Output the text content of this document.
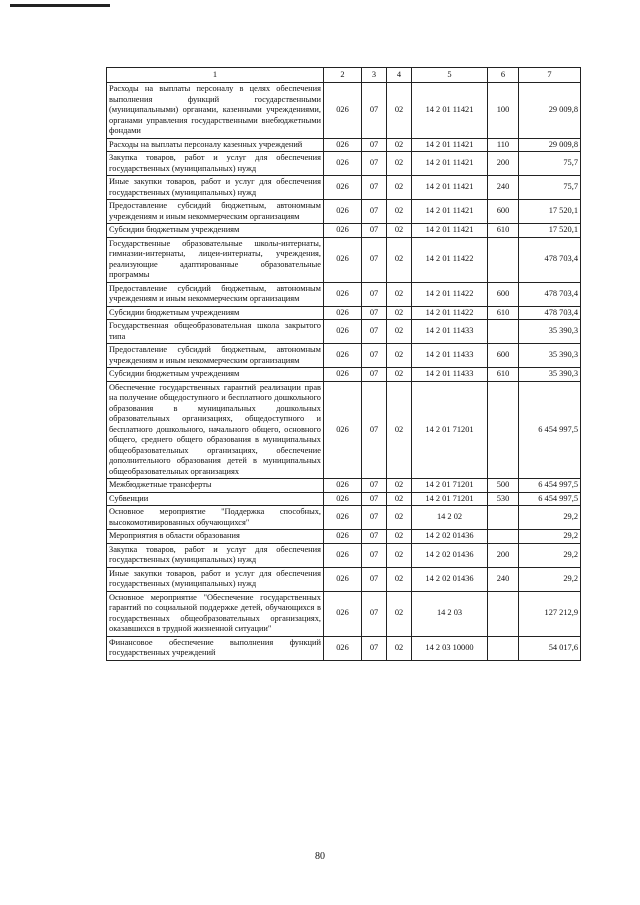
1	2	3	4	5	6	7
Расходы на выплаты персоналу в целях обеспечения выполнения функций государственными (муниципальными) органами, казенными учреждениями, органами управления государственными внебюджетными фондами	026	07	02	14 2 01 11421	100	29 009,8
Расходы на выплаты персоналу казенных учреждений	026	07	02	14 2 01 11421	110	29 009,8
Закупка товаров, работ и услуг для обеспечения государственных (муниципальных) нужд	026	07	02	14 2 01 11421	200	75,7
Иные закупки товаров, работ и услуг для обеспечения государственных (муниципальных) нужд	026	07	02	14 2 01 11421	240	75,7
Предоставление субсидий бюджетным, автономным учреждениям и иным некоммерческим организациям	026	07	02	14 2 01 11421	600	17 520,1
Субсидии бюджетным учреждениям	026	07	02	14 2 01 11421	610	17 520,1
Государственные образовательные школы-интернаты, гимназии-интернаты, лицеи-интернаты, учреждения, реализующие адаптированные образовательные программы	026	07	02	14 2 01 11422		478 703,4
Предоставление субсидий бюджетным, автономным учреждениям и иным некоммерческим организациям	026	07	02	14 2 01 11422	600	478 703,4
Субсидии бюджетным учреждениям	026	07	02	14 2 01 11422	610	478 703,4
Государственная общеобразовательная школа закрытого типа	026	07	02	14 2 01 11433		35 390,3
Предоставление субсидий бюджетным, автономным учреждениям и иным некоммерческим организациям	026	07	02	14 2 01 11433	600	35 390,3
Субсидии бюджетным учреждениям	026	07	02	14 2 01 11433	610	35 390,3
Обеспечение государственных гарантий реализации прав на получение общедоступного и бесплатного дошкольного образования в муниципальных дошкольных образовательных организациях, общедоступного и бесплатного дошкольного, начального общего, основного общего, среднего общего образования в муниципальных общеобразовательных организациях, обеспечение дополнительного образования детей в муниципальных общеобразовательных организациях	026	07	02	14 2 01 71201		6 454 997,5
Межбюджетные трансферты	026	07	02	14 2 01 71201	500	6 454 997,5
Субвенции	026	07	02	14 2 01 71201	530	6 454 997,5
Основное мероприятие "Поддержка способных, высокомотивированных обучающихся"	026	07	02	14 2 02		29,2
Мероприятия в области образования	026	07	02	14 2 02 01436		29,2
Закупка товаров, работ и услуг для обеспечения государственных (муниципальных) нужд	026	07	02	14 2 02 01436	200	29,2
Иные закупки товаров, работ и услуг для обеспечения государственных (муниципальных) нужд	026	07	02	14 2 02 01436	240	29,2
Основное мероприятие "Обеспечение государственных гарантий по социальной поддержке детей, обучающихся в государственных общеобразовательных организациях, оказавшихся в трудной жизненной ситуации"	026	07	02	14 2 03		127 212,9
Финансовое обеспечение выполнения функций государственных учреждений	026	07	02	14 2 03 10000		54 017,6
80
